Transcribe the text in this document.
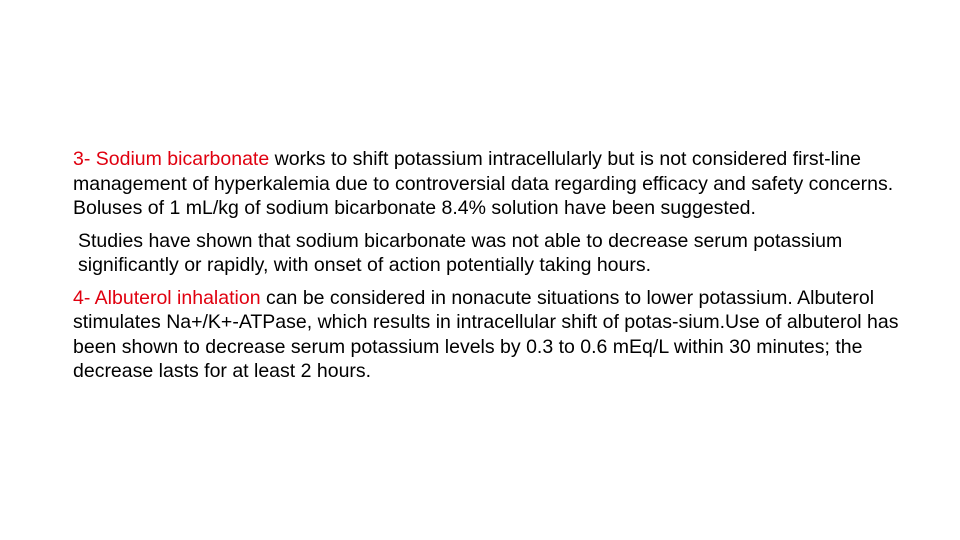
3- Sodium bicarbonate works to shift potassium intracellularly but is not considered first-line management of hyperkalemia due to controversial data regarding efficacy and safety concerns. Boluses of 1 mL/kg of sodium bicarbonate 8.4% solution have been suggested.

Studies have shown that sodium bicarbonate was not able to decrease serum potassium significantly or rapidly, with onset of action potentially taking hours.

4- Albuterol inhalation can be considered in nonacute situations to lower potassium. Albuterol stimulates Na+/K+-ATPase, which results in intracellular shift of potas-sium.Use of albuterol has been shown to decrease serum potassium levels by 0.3 to 0.6 mEq/L within 30 minutes; the decrease lasts for at least 2 hours.
